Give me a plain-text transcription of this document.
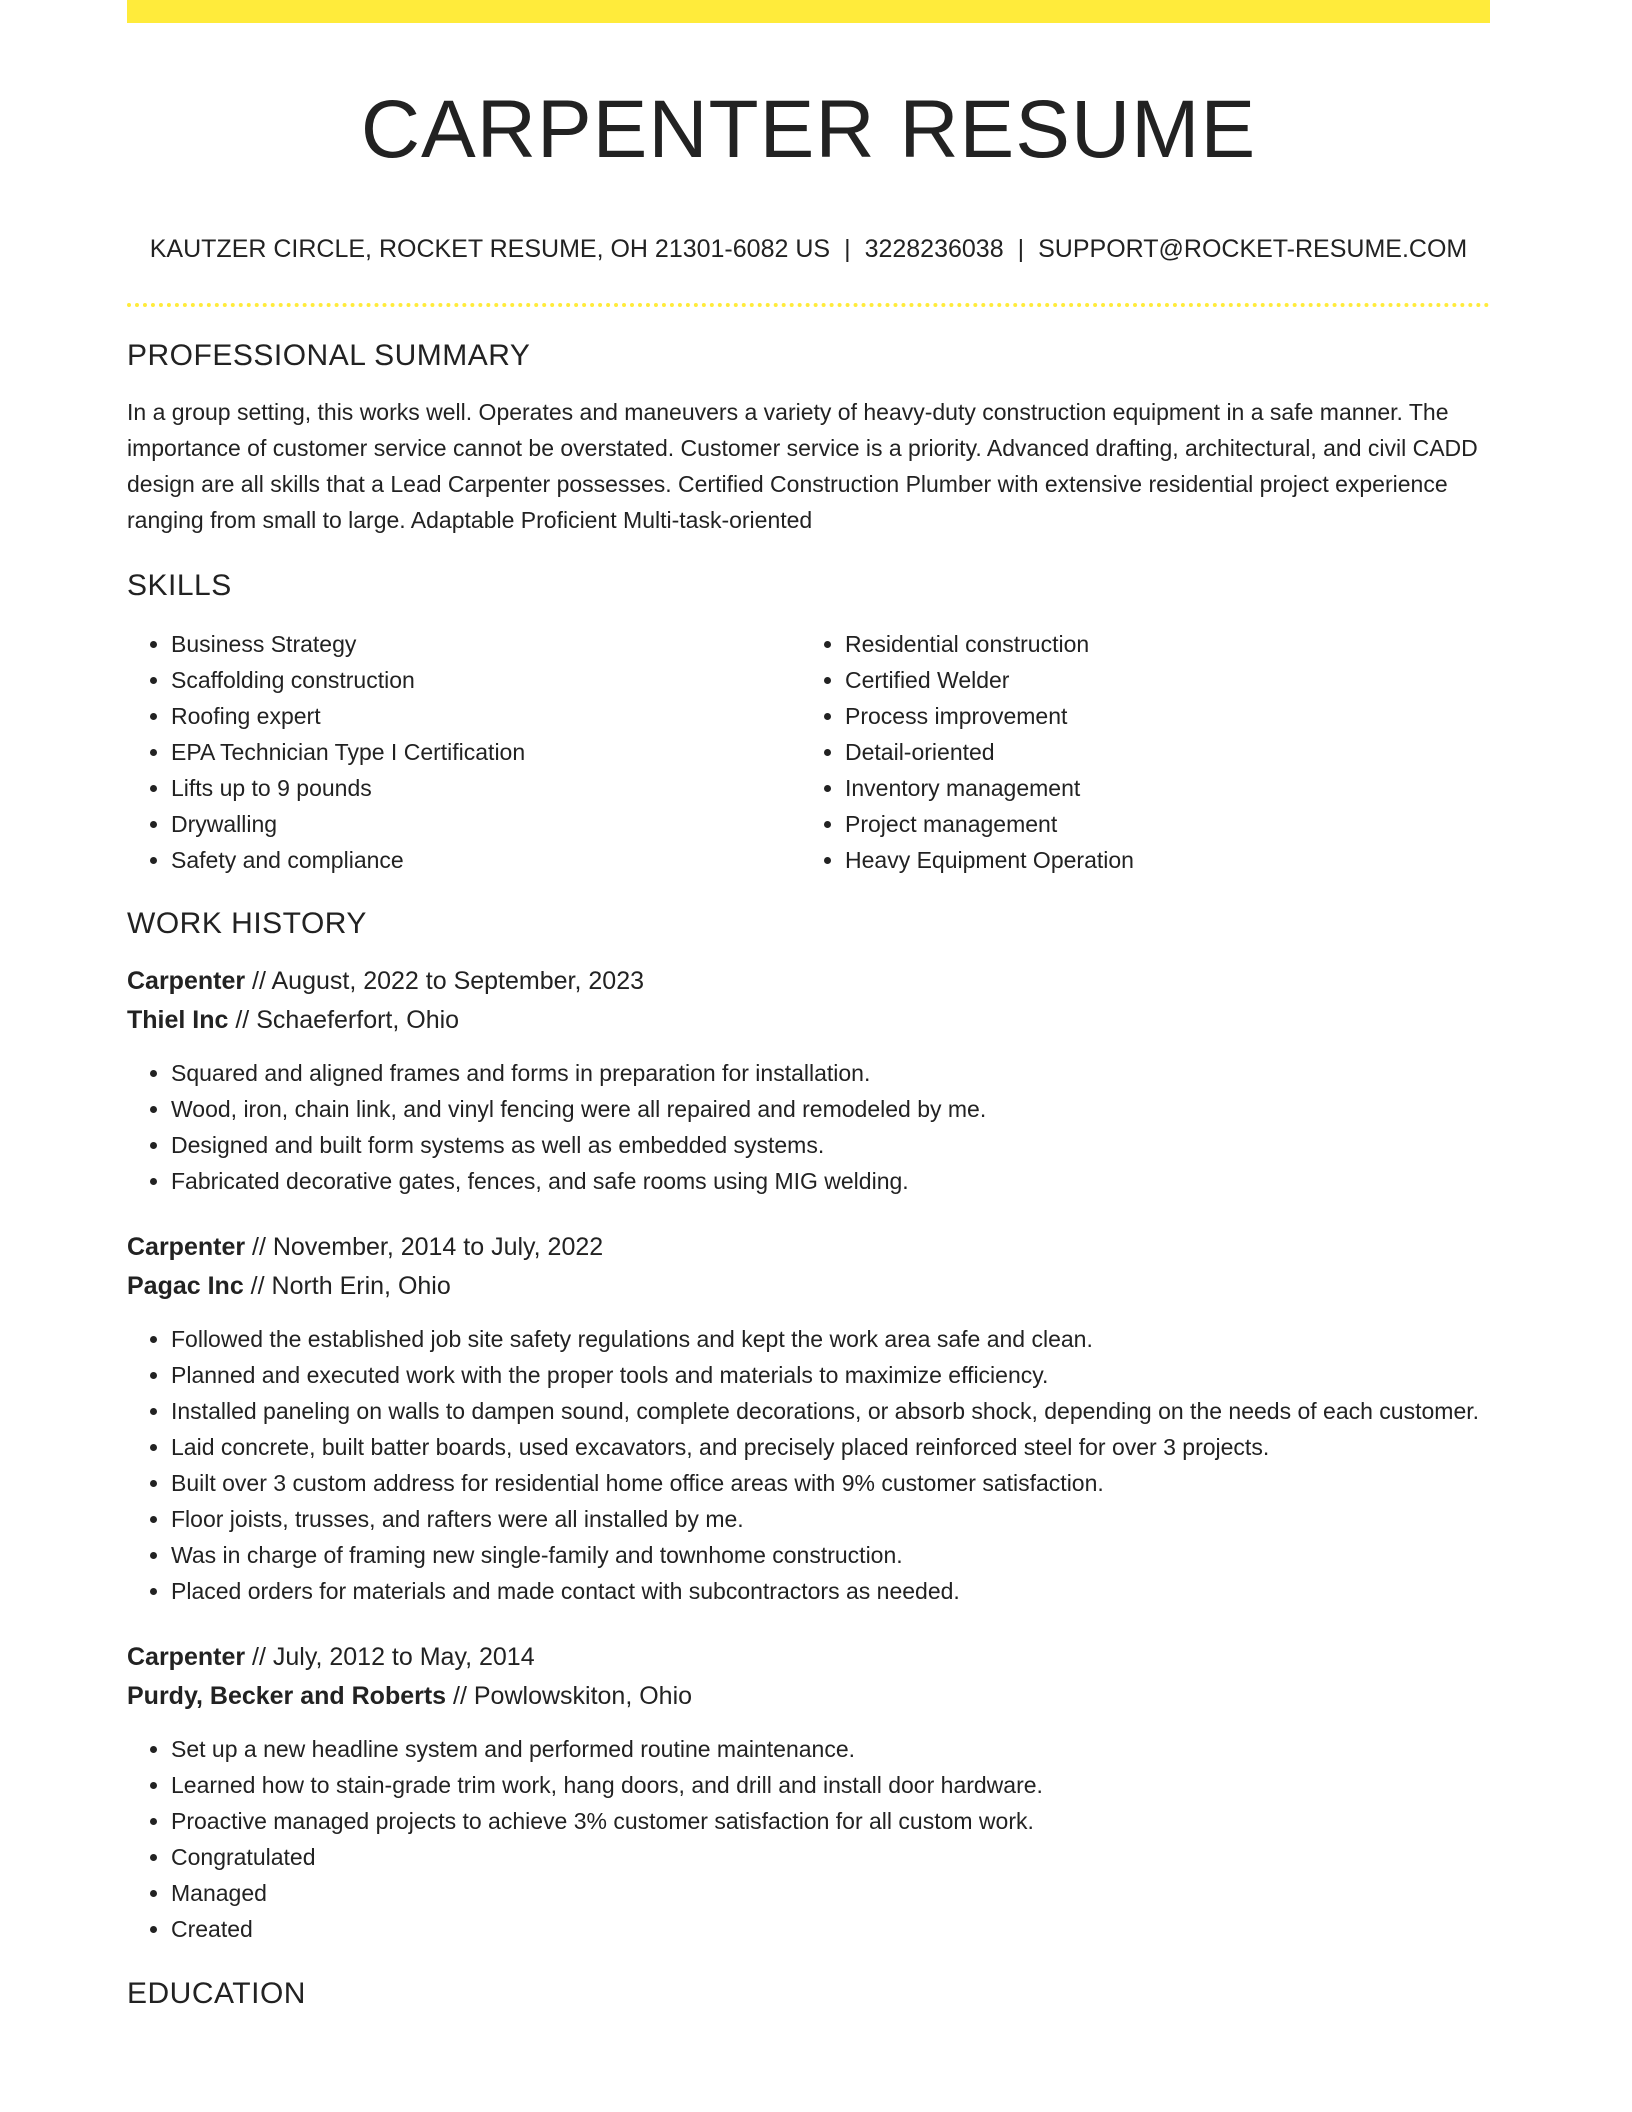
CARPENTER RESUME
KAUTZER CIRCLE, ROCKET RESUME, OH 21301-6082 US | 3228236038 | SUPPORT@ROCKET-RESUME.COM
PROFESSIONAL SUMMARY
In a group setting, this works well. Operates and maneuvers a variety of heavy-duty construction equipment in a safe manner. The importance of customer service cannot be overstated. Customer service is a priority. Advanced drafting, architectural, and civil CADD design are all skills that a Lead Carpenter possesses. Certified Construction Plumber with extensive residential project experience ranging from small to large. Adaptable Proficient Multi-task-oriented
SKILLS
• Business Strategy
• Scaffolding construction
• Roofing expert
• EPA Technician Type I Certification
• Lifts up to 9 pounds
• Drywalling
• Safety and compliance
• Residential construction
• Certified Welder
• Process improvement
• Detail-oriented
• Inventory management
• Project management
• Heavy Equipment Operation
WORK HISTORY
Carpenter // August, 2022 to September, 2023
Thiel Inc // Schaeferfort, Ohio
• Squared and aligned frames and forms in preparation for installation.
• Wood, iron, chain link, and vinyl fencing were all repaired and remodeled by me.
• Designed and built form systems as well as embedded systems.
• Fabricated decorative gates, fences, and safe rooms using MIG welding.
Carpenter // November, 2014 to July, 2022
Pagac Inc // North Erin, Ohio
• Followed the established job site safety regulations and kept the work area safe and clean.
• Planned and executed work with the proper tools and materials to maximize efficiency.
• Installed paneling on walls to dampen sound, complete decorations, or absorb shock, depending on the needs of each customer.
• Laid concrete, built batter boards, used excavators, and precisely placed reinforced steel for over 3 projects.
• Built over 3 custom address for residential home office areas with 9% customer satisfaction.
• Floor joists, trusses, and rafters were all installed by me.
• Was in charge of framing new single-family and townhome construction.
• Placed orders for materials and made contact with subcontractors as needed.
Carpenter // July, 2012 to May, 2014
Purdy, Becker and Roberts // Powlowskiton, Ohio
• Set up a new headline system and performed routine maintenance.
• Learned how to stain-grade trim work, hang doors, and drill and install door hardware.
• Proactive managed projects to achieve 3% customer satisfaction for all custom work.
• Congratulated
• Managed
• Created
EDUCATION
